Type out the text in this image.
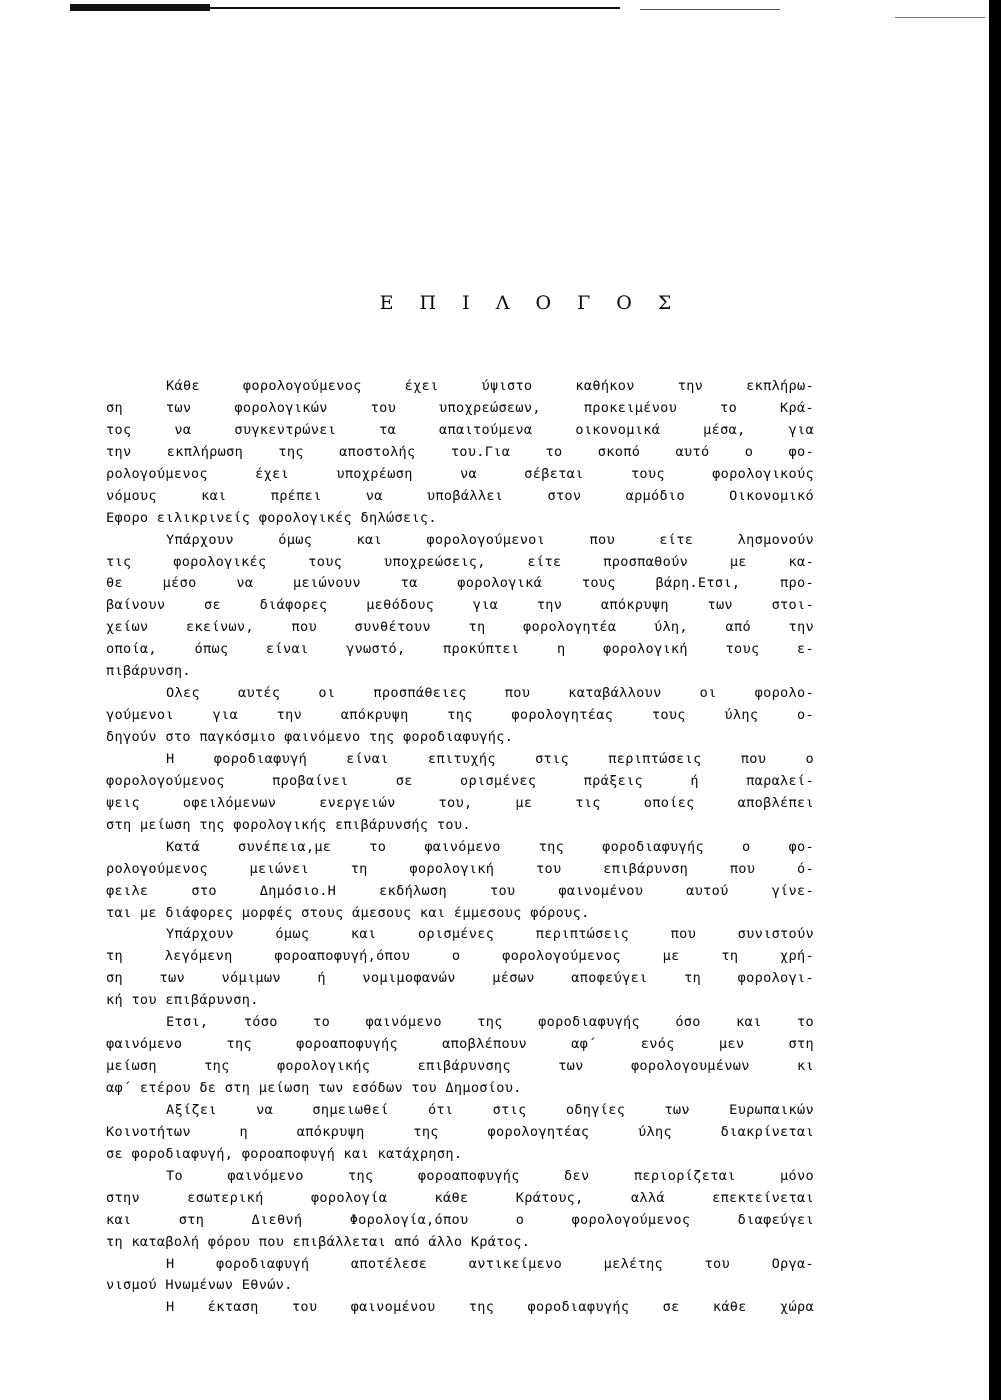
Ε Π Ι Λ Ο Γ Ο Σ
Κάθε φορολογούμενος έχει ύψιστο καθήκον την εκπλήρω-
ση των φορολογικών του υποχρεώσεων, προκειμένου το Κρά-
τος να συγκεντρώνει τα απαιτούμενα οικονομικά μέσα, για
την εκπλήρωση της αποστολής του.Για το σκοπό αυτό ο φο-
ρολογούμενος έχει υποχρέωση να σέβεται τους φορολογικούς
νόμους και πρέπει να υποβάλλει στον αρμόδιο Οικονομικό
Εφορο ειλικρινείς φορολογικές δηλώσεις.
Υπάρχουν όμως και φορολογούμενοι που είτε λησμονούν
τις φορολογικές τους υποχρεώσεις, είτε προσπαθούν με κα-
θε μέσο να μειώνουν τα φορολογικά τους βάρη.Ετσι, προ-
βαίνουν σε διάφορες μεθόδους για την απόκρυψη των στοι-
χείων εκείνων, που συνθέτουν τη φορολογητέα ύλη, από την
οποία, όπως είναι γνωστό, προκύπτει η φορολογική τους ε-
πιβάρυνση.
Ολες αυτές οι προσπάθειες που καταβάλλουν οι φορολο-
γούμενοι για την απόκρυψη της φορολογητέας τους ύλης ο-
δηγούν στο παγκόσμιο φαινόμενο της φοροδιαφυγής.
Η φοροδιαφυγή είναι επιτυχής στις περιπτώσεις που ο
φορολογούμενος προβαίνει σε ορισμένες πράξεις ή παραλεί-
ψεις οφειλόμενων ενεργειών του, με τις οποίες αποβλέπει
στη μείωση της φορολογικής επιβάρυνσής του.
Κατά συνέπεια,με το φαινόμενο της φοροδιαφυγής ο φο-
ρολογούμενος μειώνει τη φορολογική του επιβάρυνση που ό-
φειλε στο Δημόσιο.Η εκδήλωση του φαινομένου αυτού γίνε-
ται με διάφορες μορφές στους άμεσους και έμμεσους φόρους.
Υπάρχουν όμως και ορισμένες περιπτώσεις που συνιστούν
τη λεγόμενη φοροαποφυγή,όπου ο φορολογούμενος με τη χρή-
ση των νόμιμων ή νομιμοφανών μέσων αποφεύγει τη φορολογι-
κή του επιβάρυνση.
Ετσι, τόσο το φαινόμενο της φοροδιαφυγής όσο και το
φαινόμενο της φοροαποφυγής αποβλέπουν αφ΄ ενός μεν στη
μείωση της φορολογικής επιβάρυνσης των φορολογουμένων κι
αφ΄ ετέρου δε στη μείωση των εσόδων του Δημοσίου.
Αξίζει να σημειωθεί ότι στις οδηγίες των Ευρωπαικών
Κοινοτήτων η απόκρυψη της φορολογητέας ύλης διακρίνεται
σε φοροδιαφυγή, φοροαποφυγή και κατάχρηση.
Το φαινόμενο της φοροαποφυγής δεν περιορίζεται μόνο
στην εσωτερική φορολογία κάθε Κράτους, αλλά επεκτείνεται
και στη Διεθνή Φορολογία,όπου ο φορολογούμενος διαφεύγει
τη καταβολή φόρου που επιβάλλεται από άλλο Κράτος.
Η φοροδιαφυγή αποτέλεσε αντικείμενο μελέτης του Οργα-
νισμού Ηνωμένων Εθνών.
Η έκταση του φαινομένου της φοροδιαφυγής σε κάθε χώρα
